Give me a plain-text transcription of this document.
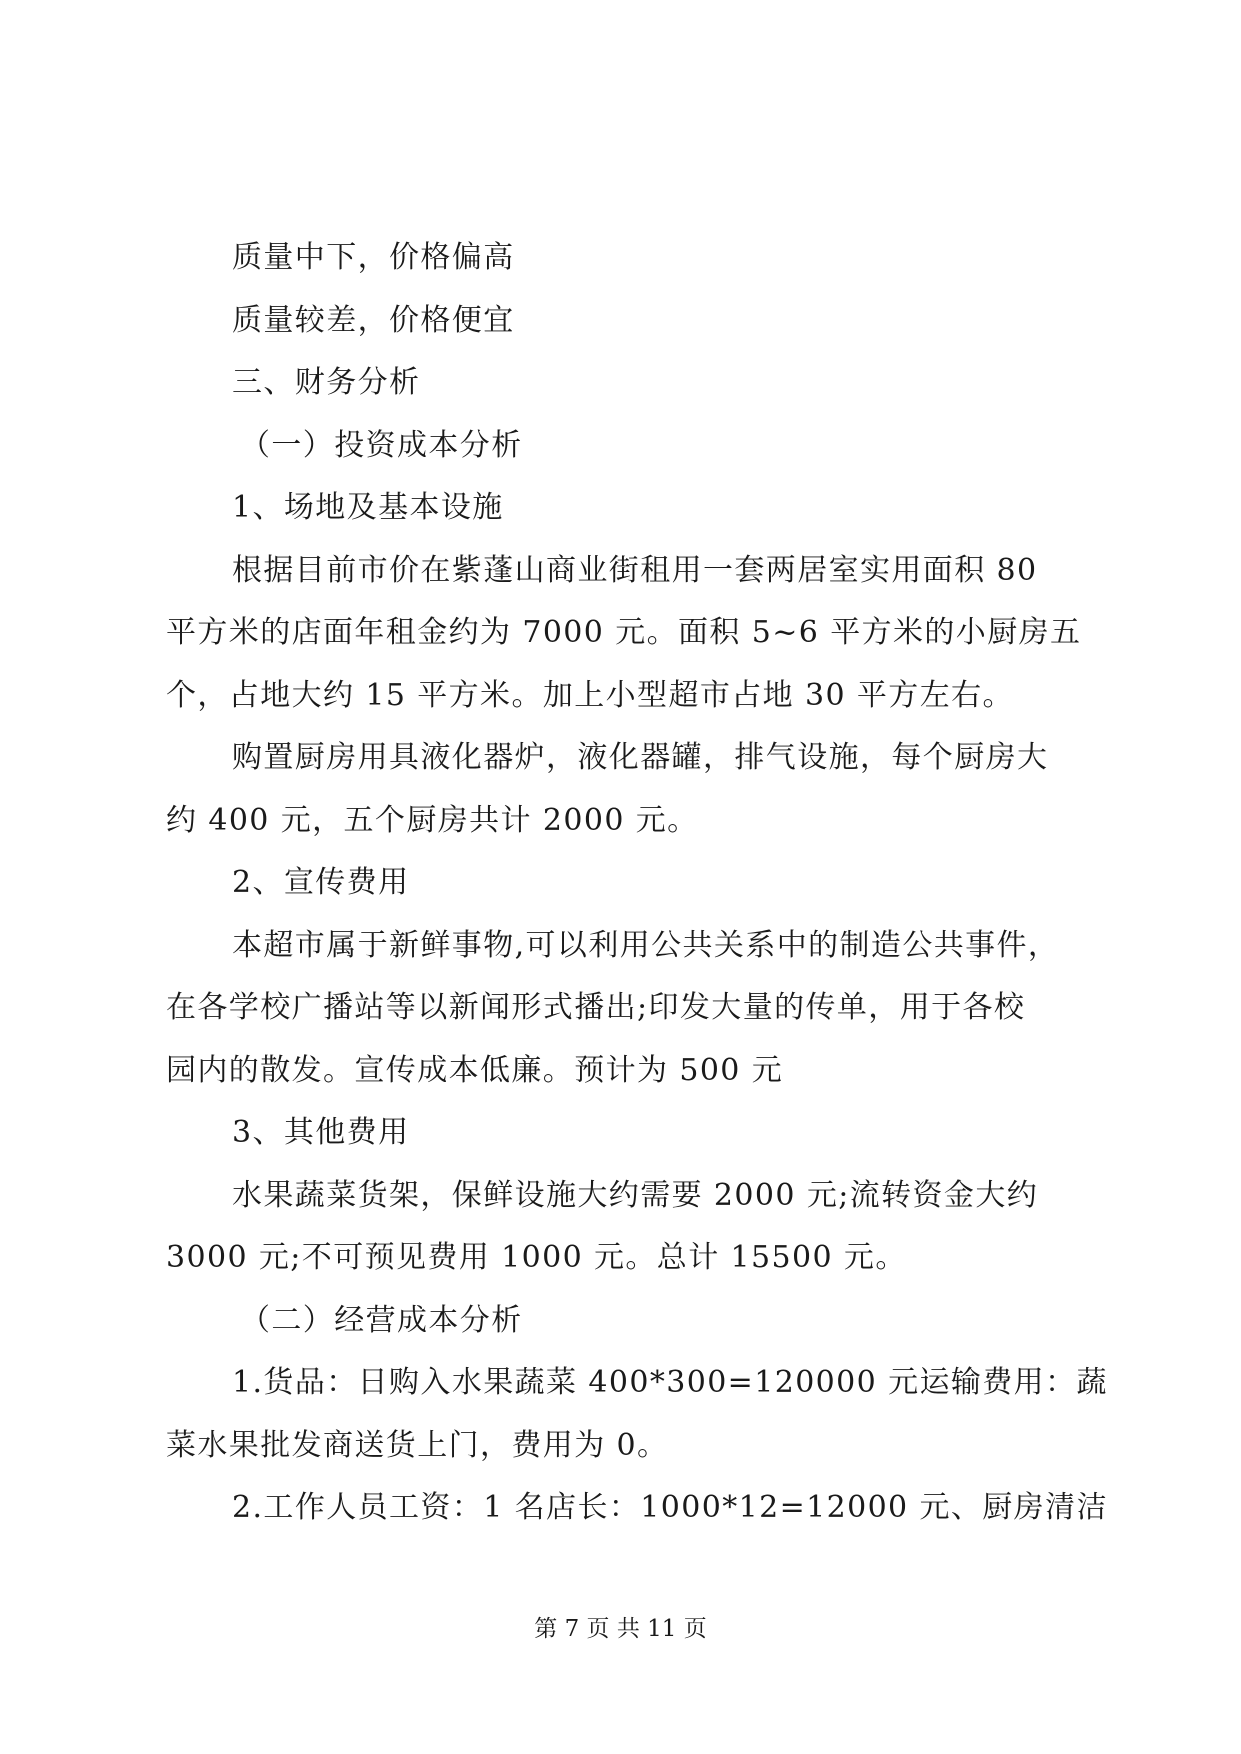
质量中下，价格偏高
质量较差，价格便宜
三、财务分析
（一）投资成本分析
1、场地及基本设施
根据目前市价在紫蓬山商业街租用一套两居室实用面积 80
平方米的店面年租金约为 7000 元。面积 5~6 平方米的小厨房五
个，占地大约 15 平方米。加上小型超市占地 30 平方左右。
购置厨房用具液化器炉，液化器罐，排气设施，每个厨房大
约 400 元，五个厨房共计 2000 元。
2、宣传费用
本超市属于新鲜事物,可以利用公共关系中的制造公共事件，
在各学校广播站等以新闻形式播出;印发大量的传单，用于各校
园内的散发。宣传成本低廉。预计为 500 元
3、其他费用
水果蔬菜货架，保鲜设施大约需要 2000 元;流转资金大约
3000 元;不可预见费用 1000 元。总计 15500 元。
（二）经营成本分析
1.货品：日购入水果蔬菜 400*300=120000 元运输费用：蔬
菜水果批发商送货上门，费用为 0。
2.工作人员工资：1 名店长：1000*12=12000 元、厨房清洁
第 7 页 共 11 页
